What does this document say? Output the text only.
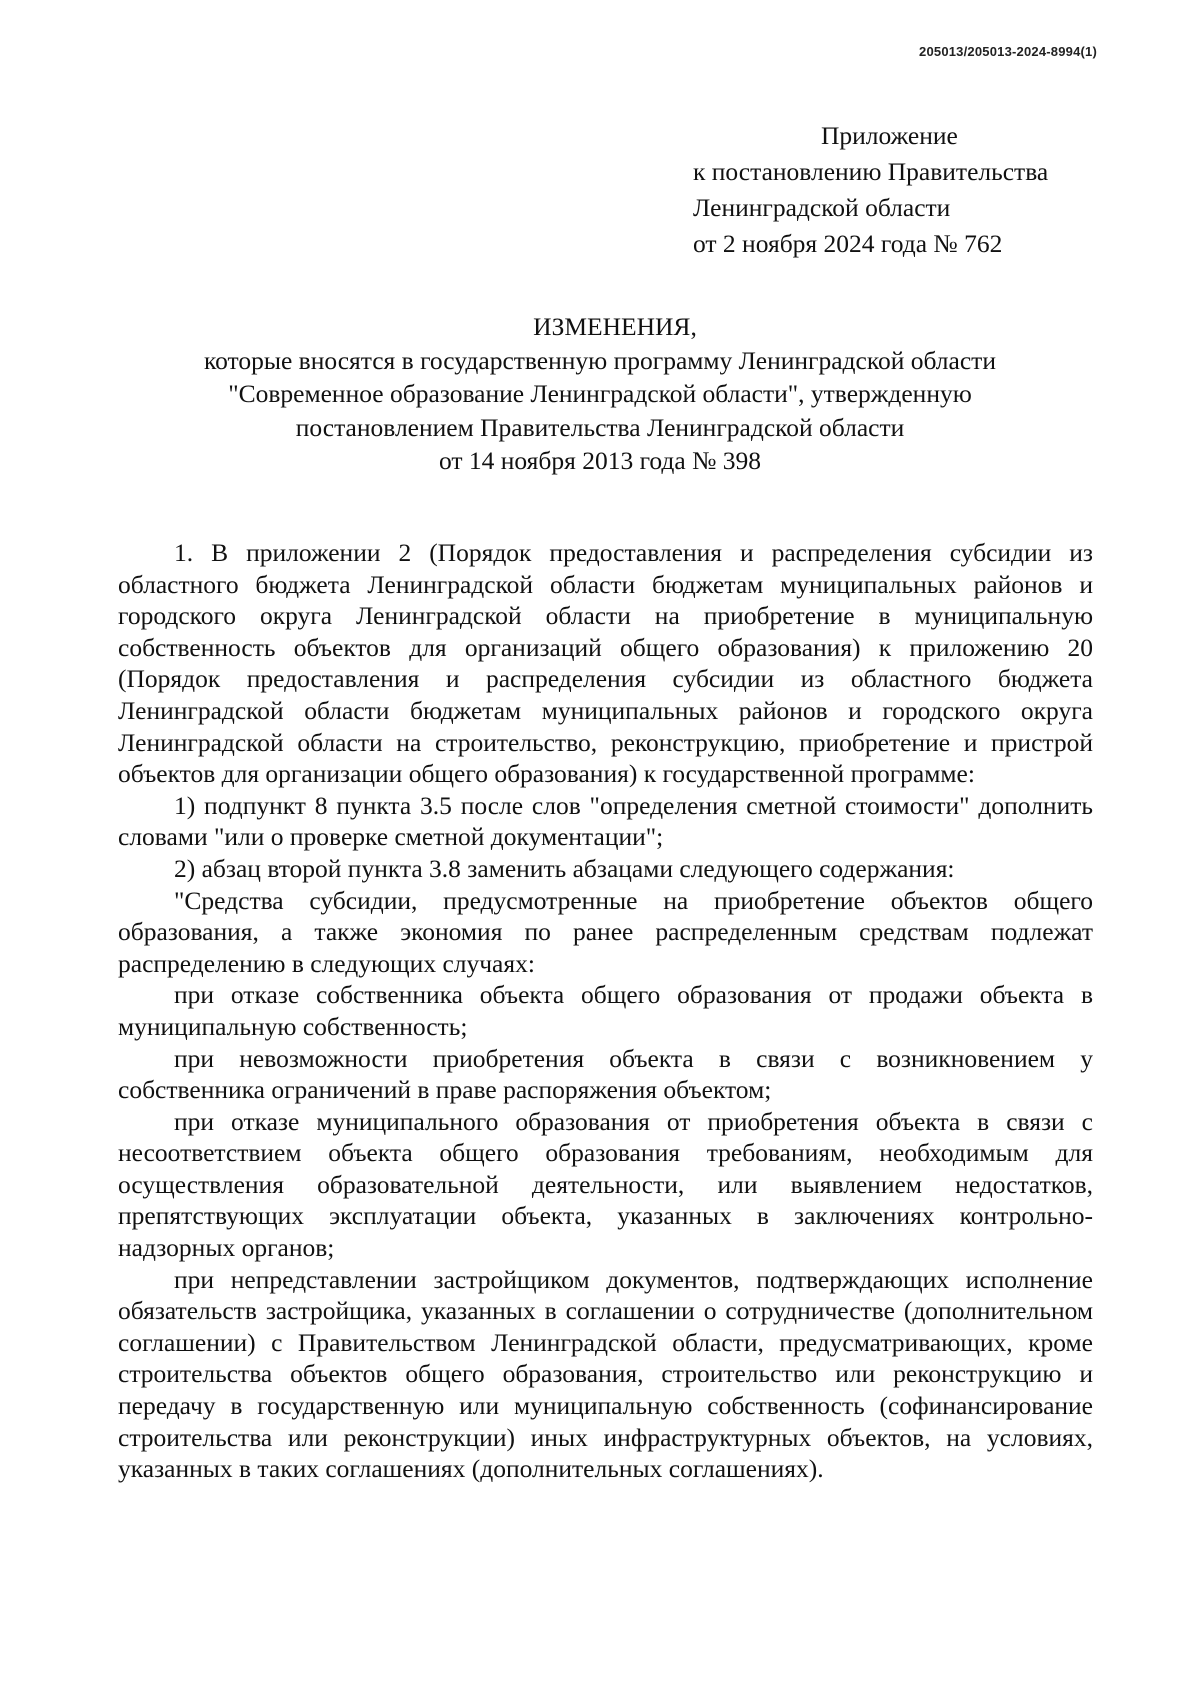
205013/205013-2024-8994(1)
Приложение
к постановлению Правительства
Ленинградской области
от 2 ноября 2024 года № 762
ИЗМЕНЕНИЯ,
которые вносятся в государственную программу Ленинградской области
"Современное образование Ленинградской области", утвержденную
постановлением Правительства Ленинградской области
от 14 ноября 2013 года № 398

1. В приложении 2 (Порядок предоставления и распределения субсидии из областного бюджета Ленинградской области бюджетам муниципальных районов и городского округа Ленинградской области на приобретение в муниципальную собственность объектов для организаций общего образования) к приложению 20 (Порядок предоставления и распределения субсидии из областного бюджета Ленинградской области бюджетам муниципальных районов и городского округа Ленинградской области на строительство, реконструкцию, приобретение и пристрой объектов для организации общего образования) к государственной программе:

1) подпункт 8 пункта 3.5 после слов "определения сметной стоимости" дополнить словами "или о проверке сметной документации";

2) абзац второй пункта 3.8 заменить абзацами следующего содержания:

"Средства субсидии, предусмотренные на приобретение объектов общего образования, а также экономия по ранее распределенным средствам подлежат распределению в следующих случаях:

при отказе собственника объекта общего образования от продажи объекта в муниципальную собственность;

при невозможности приобретения объекта в связи с возникновением у собственника ограничений в праве распоряжения объектом;

при отказе муниципального образования от приобретения объекта в связи с несоответствием объекта общего образования требованиям, необходимым для осуществления образовательной деятельности, или выявлением недостатков, препятствующих эксплуатации объекта, указанных в заключениях контрольно-надзорных органов;

при непредставлении застройщиком документов, подтверждающих исполнение обязательств застройщика, указанных в соглашении о сотрудничестве (дополнительном соглашении) с Правительством Ленинградской области, предусматривающих, кроме строительства объектов общего образования, строительство или реконструкцию и передачу в государственную или муниципальную собственность (софинансирование строительства или реконструкции) иных инфраструктурных объектов, на условиях, указанных в таких соглашениях (дополнительных соглашениях).
